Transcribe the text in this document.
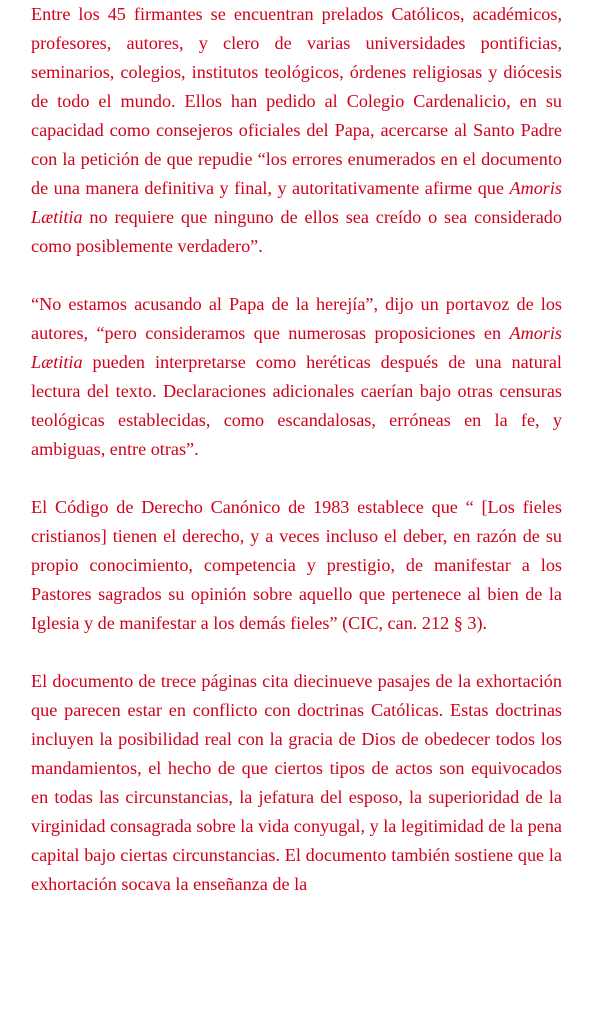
Entre los 45 firmantes se encuentran prelados Católicos, académicos, profesores, autores, y clero de varias universidades pontificias, seminarios, colegios, institutos teológicos, órdenes religiosas y diócesis de todo el mundo. Ellos han pedido al Colegio Cardenalicio, en su capacidad como consejeros oficiales del Papa, acercarse al Santo Padre con la petición de que repudie “los errores enumerados en el documento de una manera definitiva y final, y autoritativamente afirme que Amoris Lætitia no requiere que ninguno de ellos sea creído o sea considerado como posiblemente verdadero”.

“No estamos acusando al Papa de la herejía”, dijo un portavoz de los autores, “pero consideramos que numerosas proposiciones en Amoris Lætitia pueden interpretarse como heréticas después de una natural lectura del texto. Declaraciones adicionales caerían bajo otras censuras teológicas establecidas, como escandalosas, erróneas en la fe, y ambiguas, entre otras”.

El Código de Derecho Canónico de 1983 establece que “ [Los fieles cristianos] tienen el derecho, y a veces incluso el deber, en razón de su propio conocimiento, competencia y prestigio, de manifestar a los Pastores sagrados su opinión sobre aquello que pertenece al bien de la Iglesia y de manifestar a los demás fieles” (CIC, can. 212 § 3).

El documento de trece páginas cita diecinueve pasajes de la exhortación que parecen estar en conflicto con doctrinas Católicas. Estas doctrinas incluyen la posibilidad real con la gracia de Dios de obedecer todos los mandamientos, el hecho de que ciertos tipos de actos son equivocados en todas las circunstancias, la jefatura del esposo, la superioridad de la virginidad consagrada sobre la vida conyugal, y la legitimidad de la pena capital bajo ciertas circunstancias. El documento también sostiene que la exhortación socava la enseñanza de la
